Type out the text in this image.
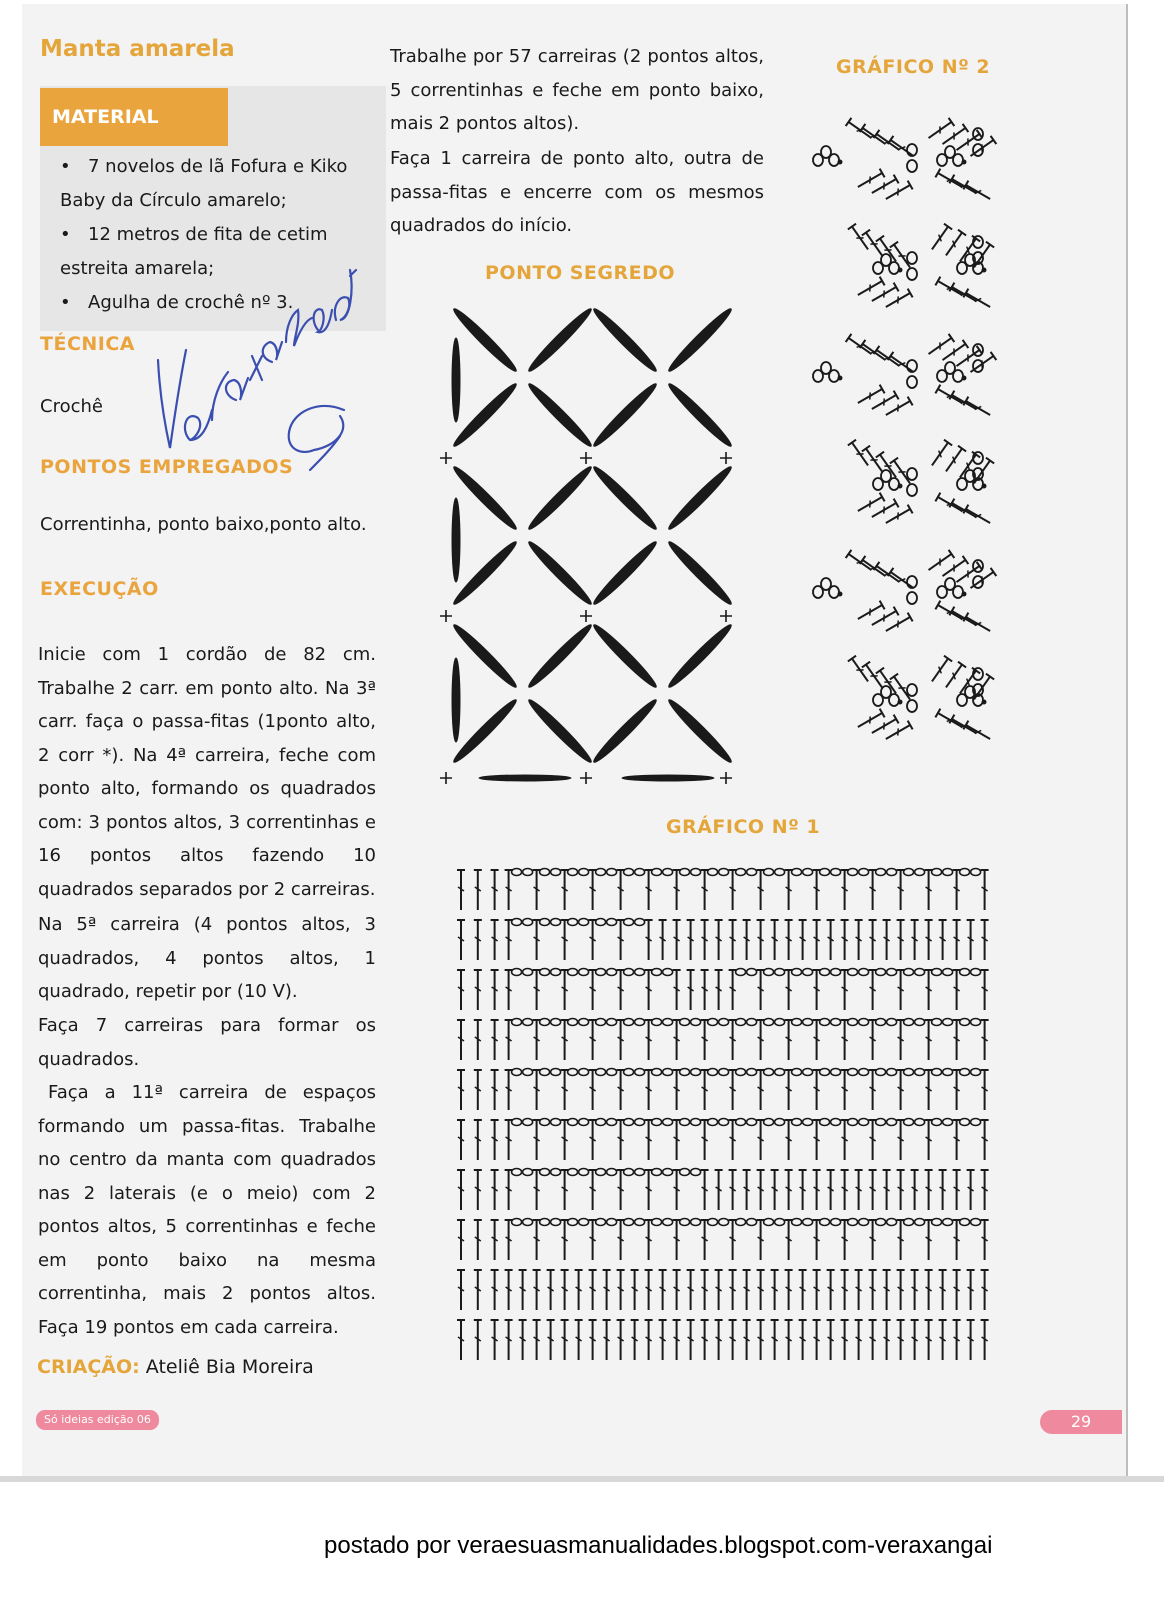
Manta amarela
MATERIAL
• 7 novelos de lã Fofura e Kiko Baby da Círculo amarelo;
• 12 metros de fita de cetim estreita amarela;
• Agulha de crochê nº 3.
TÉCNICA
Crochê
PONTOS EMPREGADOS
Correntinha, ponto baixo,ponto alto.
EXECUÇÃO
Inicie com 1 cordão de 82 cm. Trabalhe 2 carr. em ponto alto. Na 3ª carr. faça o passa-fitas (1ponto alto, 2 corr *). Na 4ª carreira, feche com ponto alto, formando os quadrados com: 3 pontos altos, 3 correntinhas e 16 pontos altos fazendo 10 quadrados separados por 2 carreiras.
Na 5ª carreira (4 pontos altos, 3 quadrados, 4 pontos altos, 1 quadrado, repetir por (10 V).
Faça 7 carreiras para formar os quadrados.
Faça a 11ª carreira de espaços formando um passa-fitas. Trabalhe no centro da manta com quadrados nas 2 laterais (e o meio) com 2 pontos altos, 5 correntinhas e feche em ponto baixo na mesma correntinha, mais 2 pontos altos. Faça 19 pontos em cada carreira.
CRIAÇÃO: Ateliê Bia Moreira
Trabalhe por 57 carreiras (2 pontos altos, 5 correntinhas e feche em ponto baixo, mais 2 pontos altos).
Faça 1 carreira de ponto alto, outra de passa-fitas e encerre com os mesmos quadrados do início.
PONTO SEGREDO
GRÁFICO Nº 2
GRÁFICO Nº 1
Só ideias edição 06	29
postado por veraesuasmanualidades.blogspot.com-veraxangai
